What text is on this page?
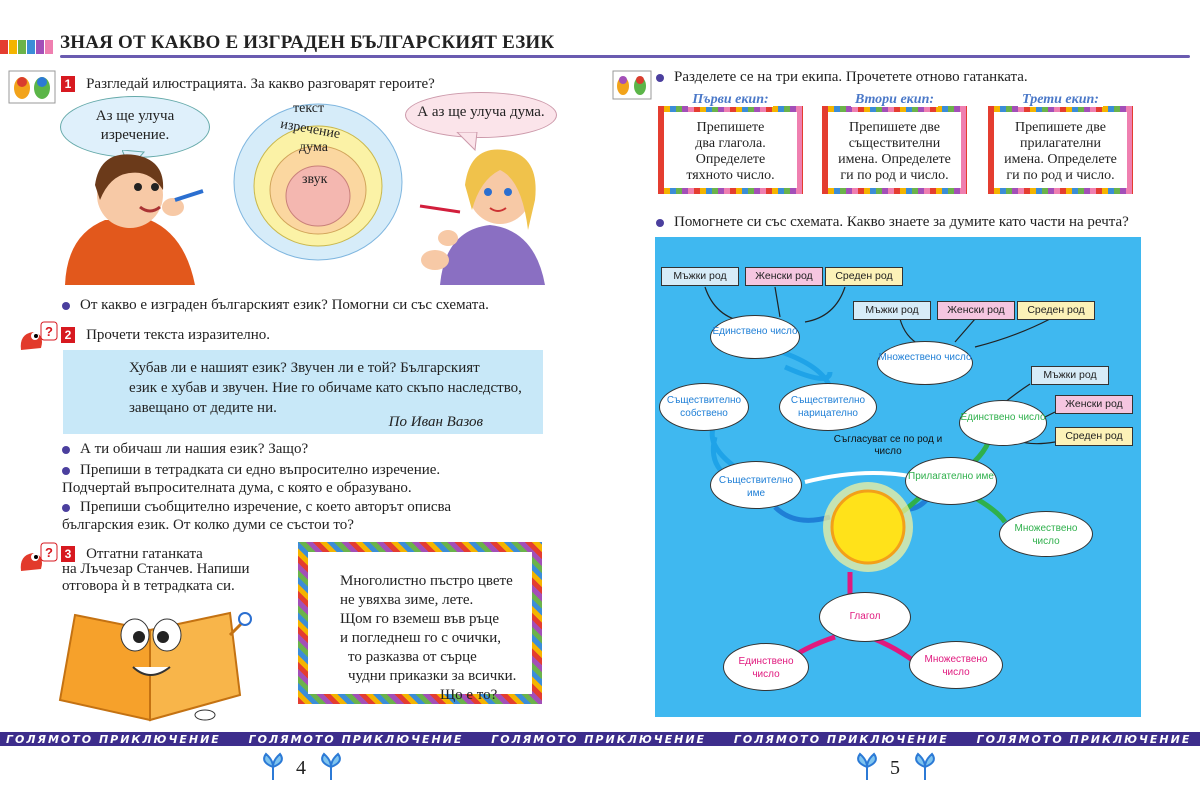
ЗНАЯ ОТ КАКВО Е ИЗГРАДЕН БЪЛГАРСКИЯТ ЕЗИК
1 Разгледай илюстрацията. За какво разговарят героите?
Аз ще улуча изречение.
текст
изречение
дума
звук
А аз ще улуча дума.
От какво е изграден българският език? Помогни си със схемата.
? 2 Прочети текста изразително.

Хубав ли е нашият език? Звучен ли е той? Българският

език е хубав и звучен. Ние го обичаме като скъпо наследство,

завещано от дедите ни.

По Иван Вазов

А ти обичаш ли нашия език? Защо?
Препиши в тетрадката си едно въпросително изречение.
Подчертай въпросителната дума, с която е образувано.
Препиши съобщително изречение, с което авторът описва
българския език. От колко думи се състои то?
? 3 Отгатни гатанката
на Лъчезар Станчев. Напиши
отговора ѝ в тетрадката си.	Многолистно пъстро цвете

не увяхва зиме, лете.

Щом го вземеш във ръце

и погледнеш го с очички,

то разказва от сърце

чудни приказки за всички.

Що е то?

Разделете се на три екипа. Прочетете отново гатанката.
Препишете
два глагола.
Определете
тяхното число.
Първи екип:
Препишете две
съществителни
имена. Определете
ги по род и число.
Втори екип:
Препишете две
прилагателни
имена. Определете
ги по род и число.
Трети екип:
Помогнете си със схемата. Какво знаете за думите като части на речта?
Мъжки род	Женски род	Среден род
Мъжки род	Женски род	Среден род
Мъжки род
Женски род
Среден род
Единствено число
Множествено число
Съществително собствено
Съществително нарицателно	Единствено число
Съгласуват се по род и число
Съществително име
Прилагателно име
Множествено число
Глагол
Единствено число
Множествено число
ГОЛЯМОТО ПРИКЛЮЧЕНИЕ	ГОЛЯМОТО ПРИКЛЮЧЕНИЕ	ГОЛЯМОТО ПРИКЛЮЧЕНИЕ	ГОЛЯМОТО ПРИКЛЮЧЕНИЕ	ГОЛЯМОТО ПРИКЛЮЧЕНИЕ
4	5
